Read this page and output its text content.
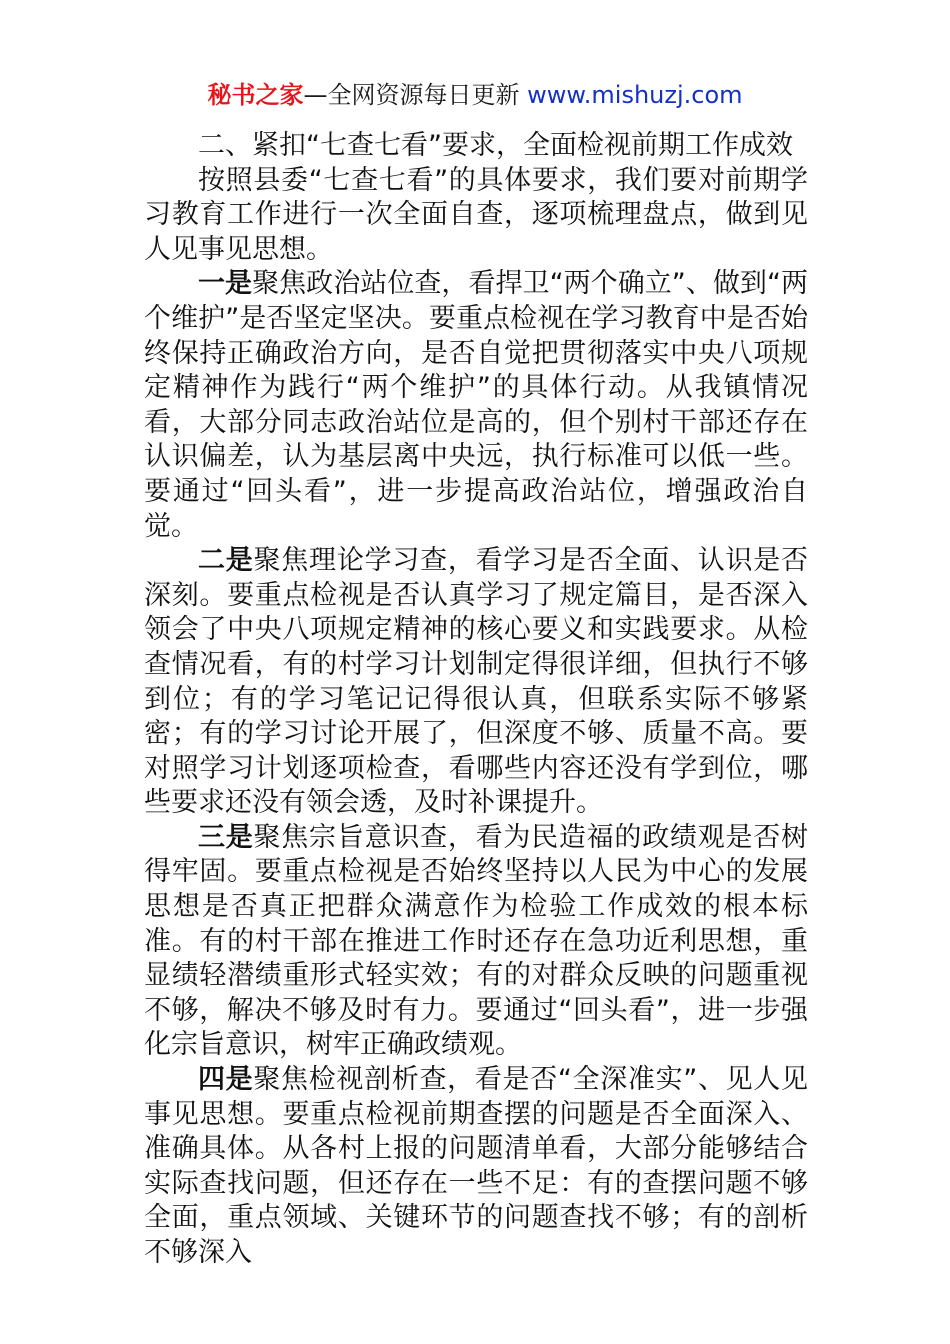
秘书之家—全网资源每日更新 www.mishuzj.com

二、紧扣“七查七看”要求，全面检视前期工作成效

按照县委“七查七看”的具体要求，我们要对前期学习教育工作进行一次全面自查，逐项梳理盘点，做到见人见事见思想。

一是聚焦政治站位查，看捍卫“两个确立”、做到“两个维护”是否坚定坚决。要重点检视在学习教育中是否始终保持正确政治方向，是否自觉把贯彻落实中央八项规定精神作为践行“两个维护”的具体行动。从我镇情况看，大部分同志政治站位是高的，但个别村干部还存在认识偏差，认为基层离中央远，执行标准可以低一些。要通过“回头看”，进一步提高政治站位，增强政治自觉。

二是聚焦理论学习查，看学习是否全面、认识是否深刻。要重点检视是否认真学习了规定篇目，是否深入领会了中央八项规定精神的核心要义和实践要求。从检查情况看，有的村学习计划制定得很详细，但执行不够到位；有的学习笔记记得很认真，但联系实际不够紧密；有的学习讨论开展了，但深度不够、质量不高。要对照学习计划逐项检查，看哪些内容还没有学到位，哪些要求还没有领会透，及时补课提升。

三是聚焦宗旨意识查，看为民造福的政绩观是否树得牢固。要重点检视是否始终坚持以人民为中心的发展思想是否真正把群众满意作为检验工作成效的根本标准。有的村干部在推进工作时还存在急功近利思想，重显绩轻潜绩重形式轻实效；有的对群众反映的问题重视不够，解决不够及时有力。要通过“回头看”，进一步强化宗旨意识，树牢正确政绩观。

四是聚焦检视剖析查，看是否“全深准实”、见人见事见思想。要重点检视前期查摆的问题是否全面深入、准确具体。从各村上报的问题清单看，大部分能够结合实际查找问题，但还存在一些不足：有的查摆问题不够全面，重点领域、关键环节的问题查找不够；有的剖析不够深入
